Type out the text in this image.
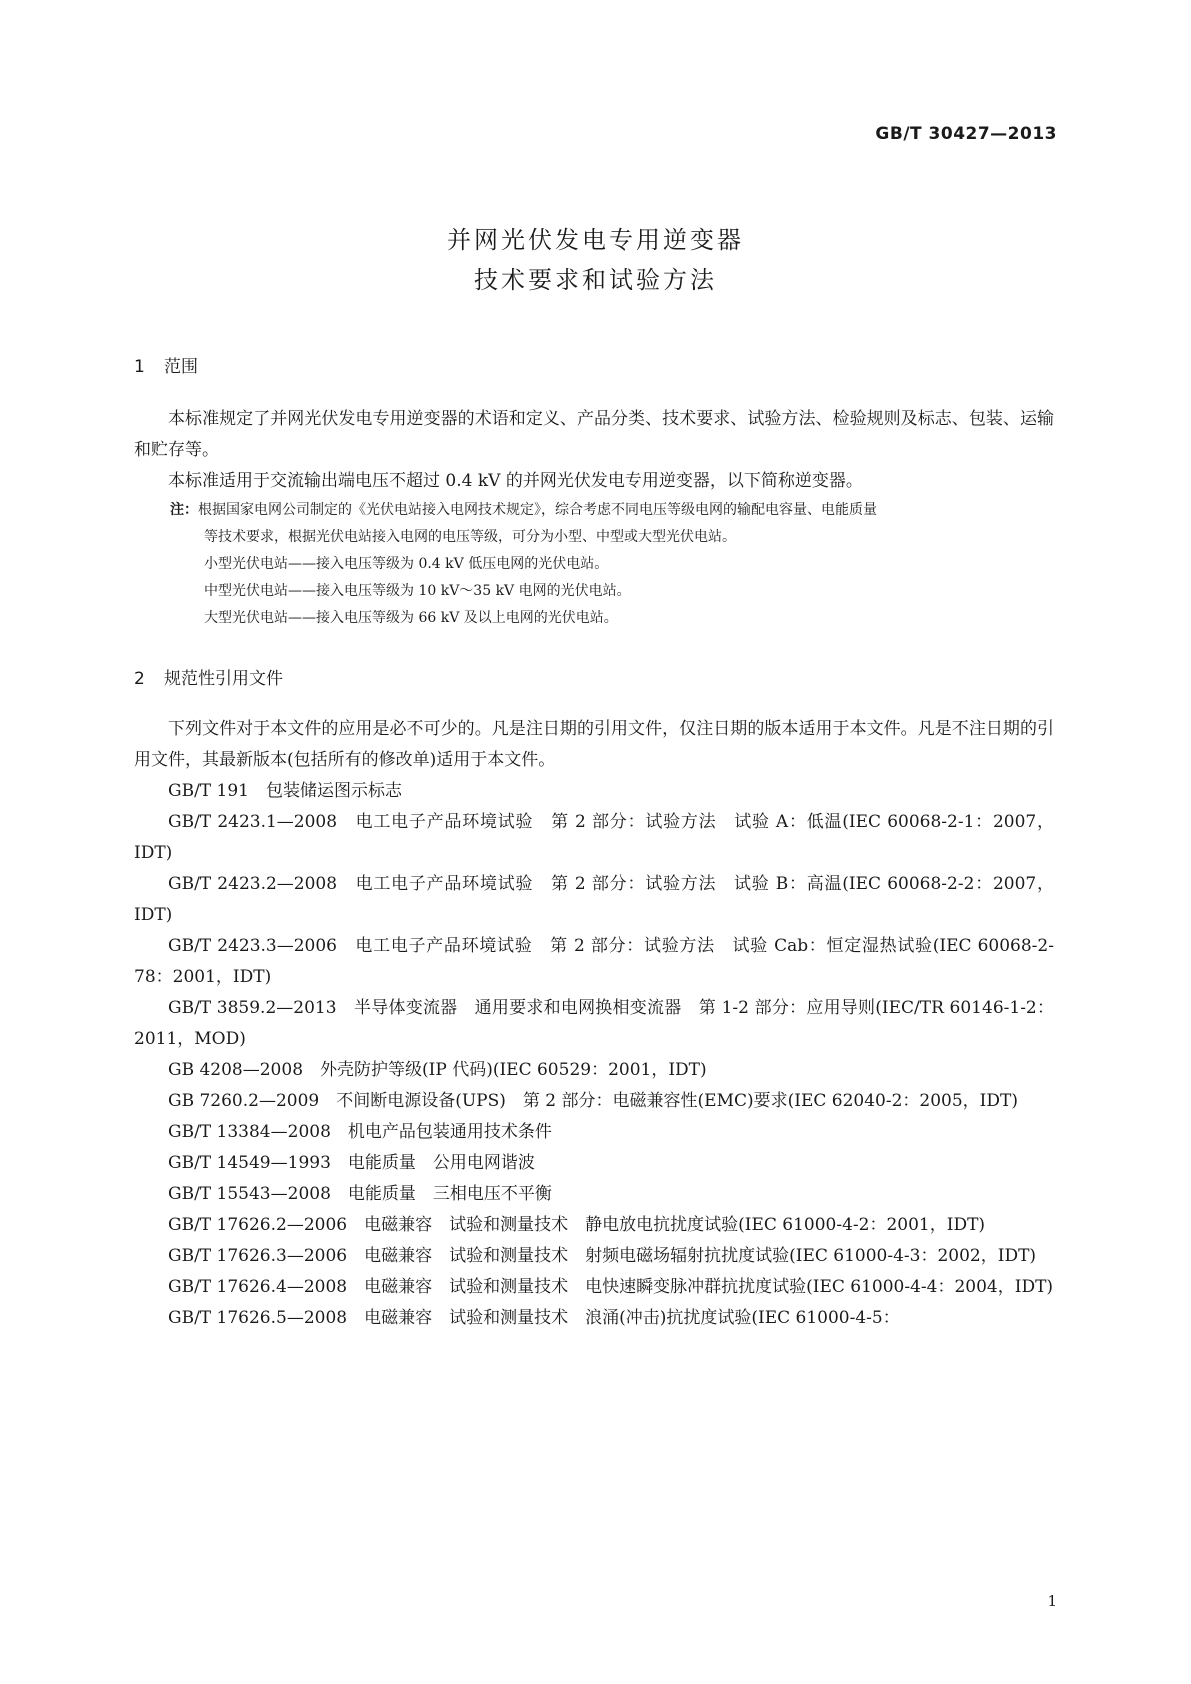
GB/T 30427—2013
并网光伏发电专用逆变器
技术要求和试验方法
1 范围

本标准规定了并网光伏发电专用逆变器的术语和定义、产品分类、技术要求、试验方法、检验规则及标志、包装、运输和贮存等。

本标准适用于交流输出端电压不超过 0.4 kV 的并网光伏发电专用逆变器，以下简称逆变器。

注：根据国家电网公司制定的《光伏电站接入电网技术规定》，综合考虑不同电压等级电网的输配电容量、电能质量
等技术要求，根据光伏电站接入电网的电压等级，可分为小型、中型或大型光伏电站。
小型光伏电站——接入电压等级为 0.4 kV 低压电网的光伏电站。
中型光伏电站——接入电压等级为 10 kV～35 kV 电网的光伏电站。
大型光伏电站——接入电压等级为 66 kV 及以上电网的光伏电站。
2 规范性引用文件

下列文件对于本文件的应用是必不可少的。凡是注日期的引用文件，仅注日期的版本适用于本文件。凡是不注日期的引用文件，其最新版本(包括所有的修改单)适用于本文件。

GB/T 191　包装储运图示标志

GB/T 2423.1—2008　电工电子产品环境试验　第 2 部分：试验方法　试验 A：低温(IEC 60068-2-1：2007，IDT)

GB/T 2423.2—2008　电工电子产品环境试验　第 2 部分：试验方法　试验 B：高温(IEC 60068-2-2：2007，IDT)

GB/T 2423.3—2006　电工电子产品环境试验　第 2 部分：试验方法　试验 Cab：恒定湿热试验(IEC 60068-2-78：2001，IDT)

GB/T 3859.2—2013　半导体变流器　通用要求和电网换相变流器　第 1-2 部分：应用导则(IEC/TR 60146-1-2：2011，MOD)

GB 4208—2008　外壳防护等级(IP 代码)(IEC 60529：2001，IDT)

GB 7260.2—2009　不间断电源设备(UPS)　第 2 部分：电磁兼容性(EMC)要求(IEC 62040-2：2005，IDT)

GB/T 13384—2008　机电产品包装通用技术条件

GB/T 14549—1993　电能质量　公用电网谐波

GB/T 15543—2008　电能质量　三相电压不平衡

GB/T 17626.2—2006　电磁兼容　试验和测量技术　静电放电抗扰度试验(IEC 61000-4-2：2001，IDT)

GB/T 17626.3—2006　电磁兼容　试验和测量技术　射频电磁场辐射抗扰度试验(IEC 61000-4-3：2002，IDT)

GB/T 17626.4—2008　电磁兼容　试验和测量技术　电快速瞬变脉冲群抗扰度试验(IEC 61000-4-4：2004，IDT)

GB/T 17626.5—2008　电磁兼容　试验和测量技术　浪涌(冲击)抗扰度试验(IEC 61000-4-5：

1
